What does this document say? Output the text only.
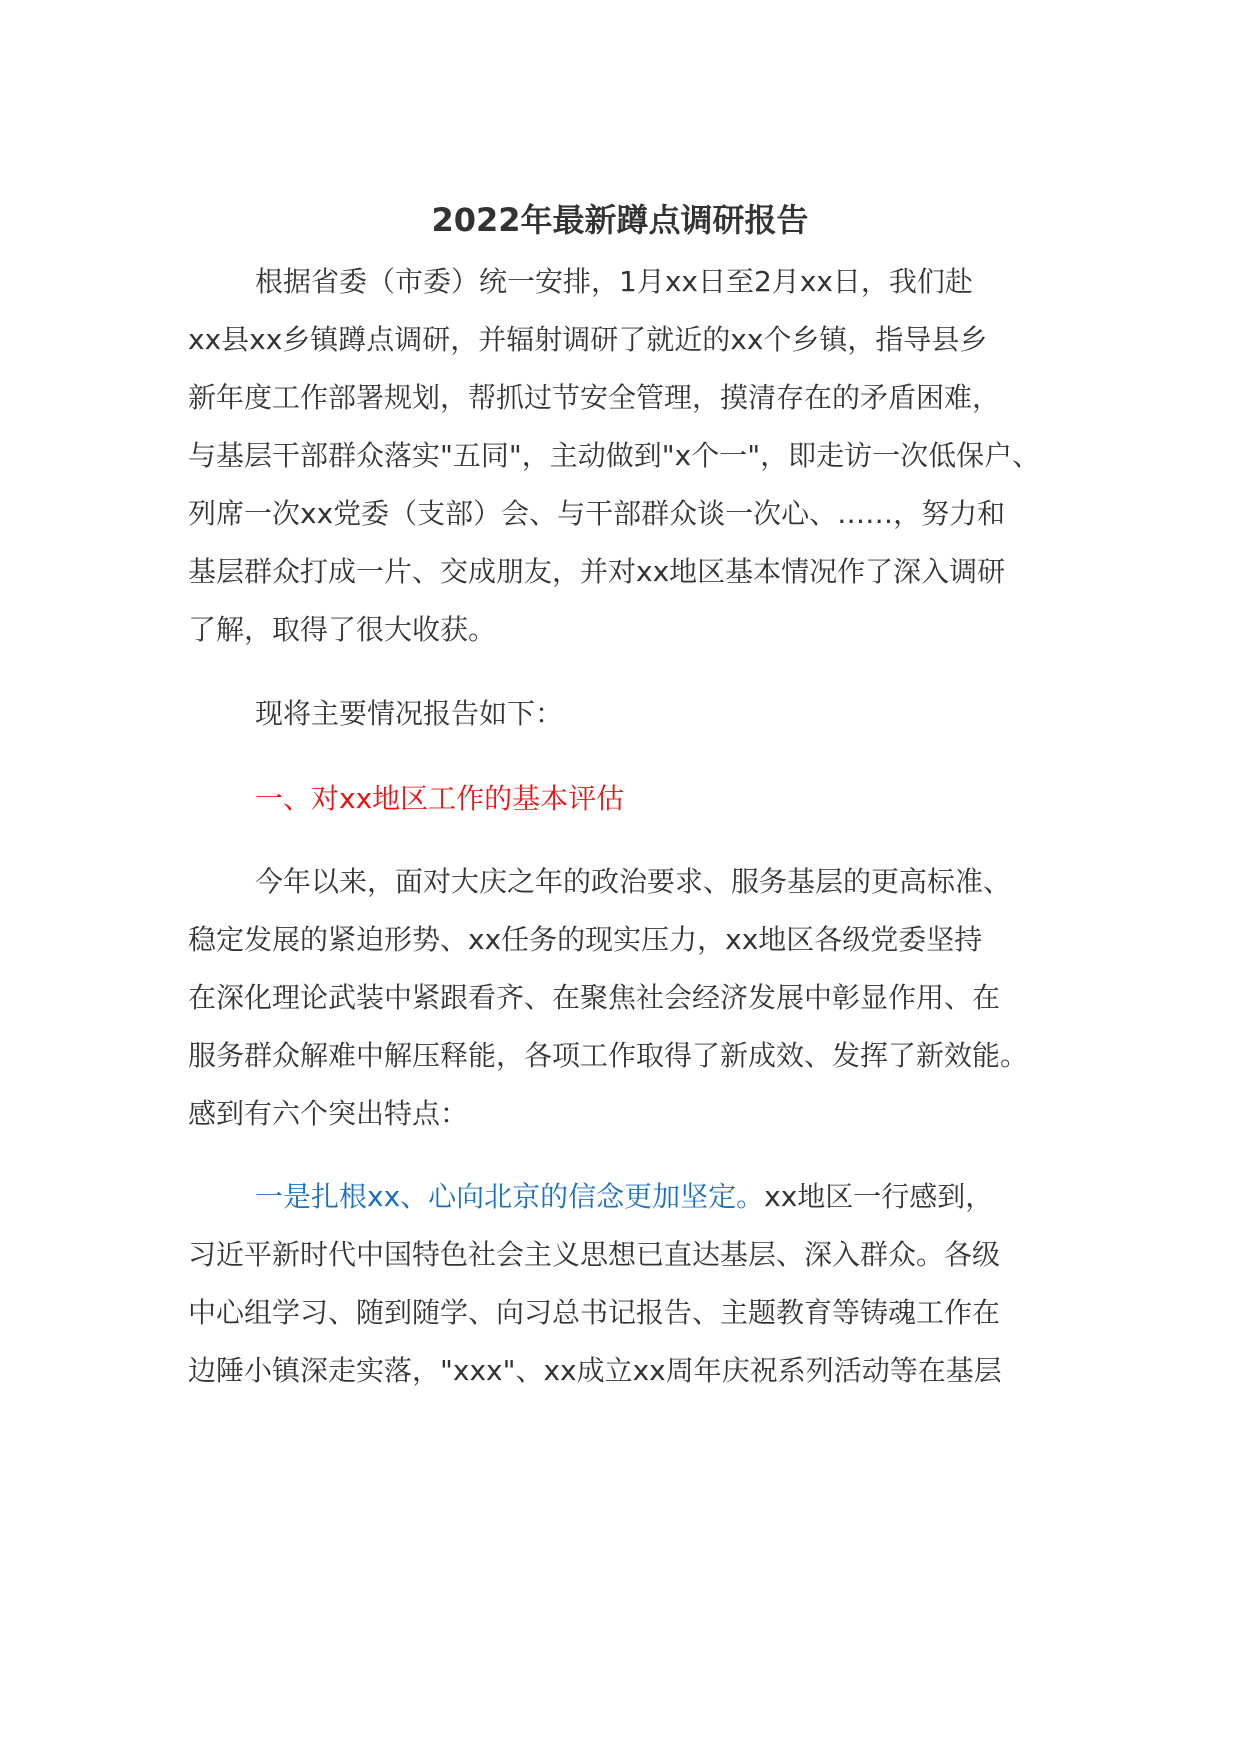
2022年最新蹲点调研报告
根据省委（市委）统一安排，1月xx日至2月xx日，我们赴
xx县xx乡镇蹲点调研，并辐射调研了就近的xx个乡镇，指导县乡
新年度工作部署规划，帮抓过节安全管理，摸清存在的矛盾困难，
与基层干部群众落实"五同"，主动做到"x个一"，即走访一次低保户、
列席一次xx党委（支部）会、与干部群众谈一次心、……，努力和
基层群众打成一片、交成朋友，并对xx地区基本情况作了深入调研
了解，取得了很大收获。
现将主要情况报告如下：
一、对xx地区工作的基本评估
今年以来，面对大庆之年的政治要求、服务基层的更高标准、
稳定发展的紧迫形势、xx任务的现实压力，xx地区各级党委坚持
在深化理论武装中紧跟看齐、在聚焦社会经济发展中彰显作用、在
服务群众解难中解压释能，各项工作取得了新成效、发挥了新效能。
感到有六个突出特点：
一是扎根xx、心向北京的信念更加坚定。xx地区一行感到，
习近平新时代中国特色社会主义思想已直达基层、深入群众。各级
中心组学习、随到随学、向习总书记报告、主题教育等铸魂工作在
边陲小镇深走实落，"xxx"、xx成立xx周年庆祝系列活动等在基层
